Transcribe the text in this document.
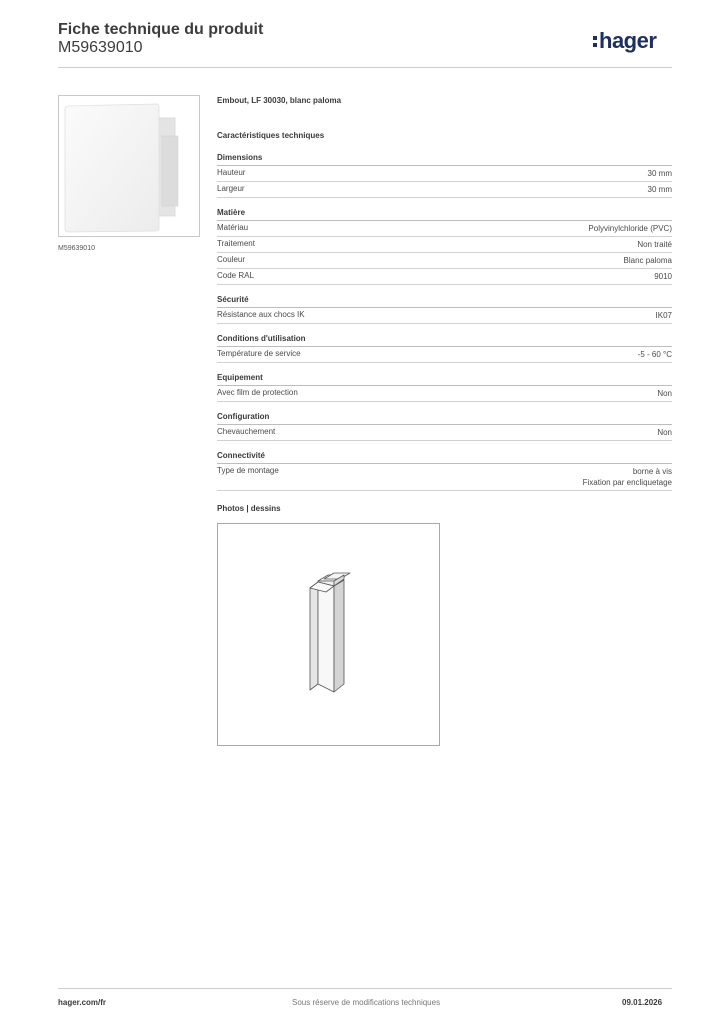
Fiche technique du produit
M59639010	hager
M59639010
Embout, LF 30030, blanc paloma
Caractéristiques techniques
Dimensions
Hauteur	30 mm
Largeur	30 mm
Matière
Matériau	Polyvinylchloride (PVC)
Traitement	Non traité
Couleur	Blanc paloma
Code RAL	9010
Sécurité
Résistance aux chocs IK	IK07
Conditions d'utilisation
Température de service	-5 - 60 °C
Equipement
Avec film de protection	Non
Configuration
Chevauchement	Non
Connectivité
Type de montage	borne à vis
Fixation par encliquetage
Photos | dessins
hager.com/fr	Sous réserve de modifications techniques	09.01.2026
